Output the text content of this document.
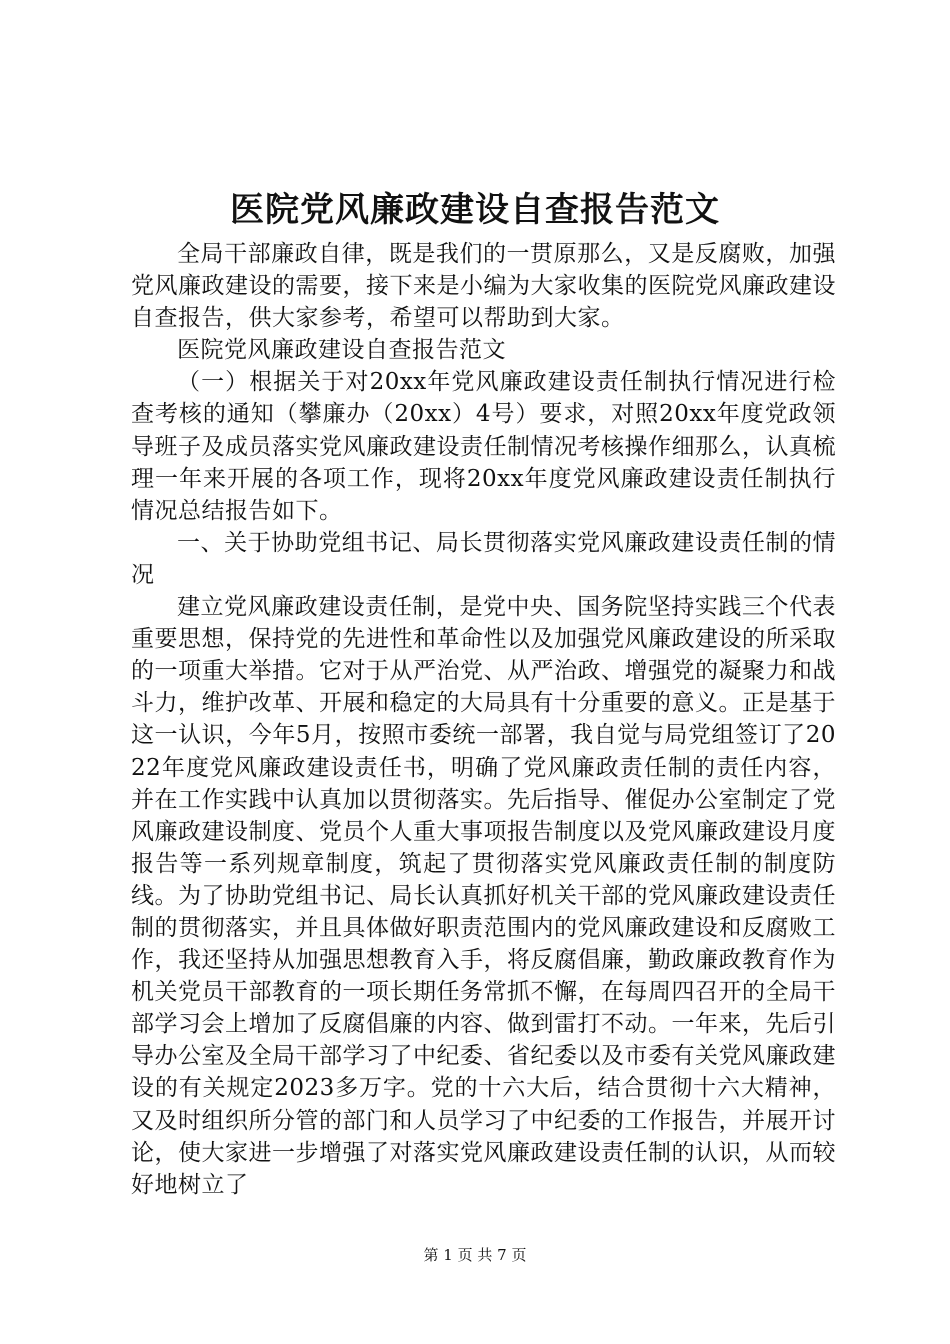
医院党风廉政建设自查报告范文

全局干部廉政自律，既是我们的一贯原那么，又是反腐败，加强党风廉政建设的需要，接下来是小编为大家收集的医院党风廉政建设自查报告，供大家参考，希望可以帮助到大家。

医院党风廉政建设自查报告范文

（一）根据关于对20xx年党风廉政建设责任制执行情况进行检查考核的通知（攀廉办（20xx）4号）要求，对照20xx年度党政领导班子及成员落实党风廉政建设责任制情况考核操作细那么，认真梳理一年来开展的各项工作，现将20xx年度党风廉政建设责任制执行情况总结报告如下。

一、关于协助党组书记、局长贯彻落实党风廉政建设责任制的情况

建立党风廉政建设责任制，是党中央、国务院坚持实践三个代表重要思想，保持党的先进性和革命性以及加强党风廉政建设的所采取的一项重大举措。它对于从严治党、从严治政、增强党的凝聚力和战斗力，维护改革、开展和稳定的大局具有十分重要的意义。正是基于这一认识，今年5月，按照市委统一部署，我自觉与局党组签订了2022年度党风廉政建设责任书，明确了党风廉政责任制的责任内容，并在工作实践中认真加以贯彻落实。先后指导、催促办公室制定了党风廉政建设制度、党员个人重大事项报告制度以及党风廉政建设月度报告等一系列规章制度，筑起了贯彻落实党风廉政责任制的制度防线。为了协助党组书记、局长认真抓好机关干部的党风廉政建设责任制的贯彻落实，并且具体做好职责范围内的党风廉政建设和反腐败工作，我还坚持从加强思想教育入手，将反腐倡廉，勤政廉政教育作为机关党员干部教育的一项长期任务常抓不懈，在每周四召开的全局干部学习会上增加了反腐倡廉的内容、做到雷打不动。一年来，先后引导办公室及全局干部学习了中纪委、省纪委以及市委有关党风廉政建设的有关规定2023多万字。党的十六大后，结合贯彻十六大精神，又及时组织所分管的部门和人员学习了中纪委的工作报告，并展开讨论，使大家进一步增强了对落实党风廉政建设责任制的认识，从而较好地树立了

第 1 页 共 7 页
